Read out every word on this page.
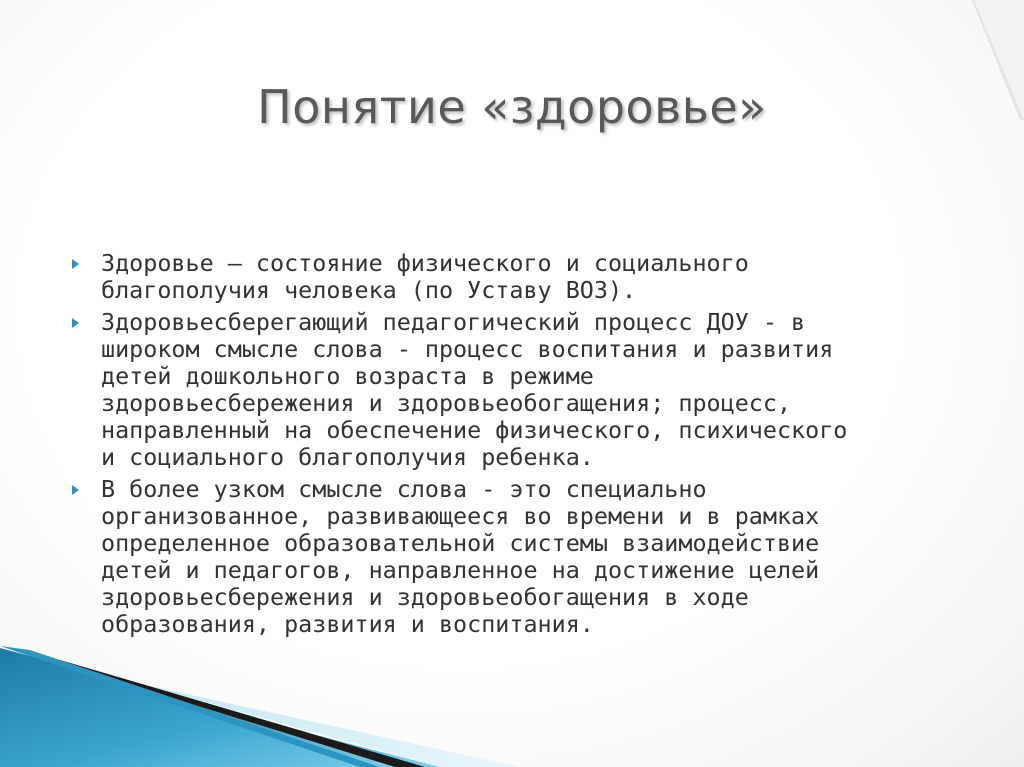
Понятие «здоровье»
Здоровье – состояние физического и социального
благополучия человека (по Уставу ВОЗ).
Здоровьесберегающий педагогический процесс ДОУ - в
широком смысле слова - процесс воспитания и развития
детей дошкольного возраста в режиме
здоровьесбережения и здоровьеобогащения; процесс,
направленный на обеспечение физического, психического
и социального благополучия ребенка.
В более узком смысле слова - это специально
организованное, развивающееся во времени и в рамках
определенное образовательной системы взаимодействие
детей и педагогов, направленное на достижение целей
здоровьесбережения и здоровьеобогащения в ходе
образования, развития и воспитания.
